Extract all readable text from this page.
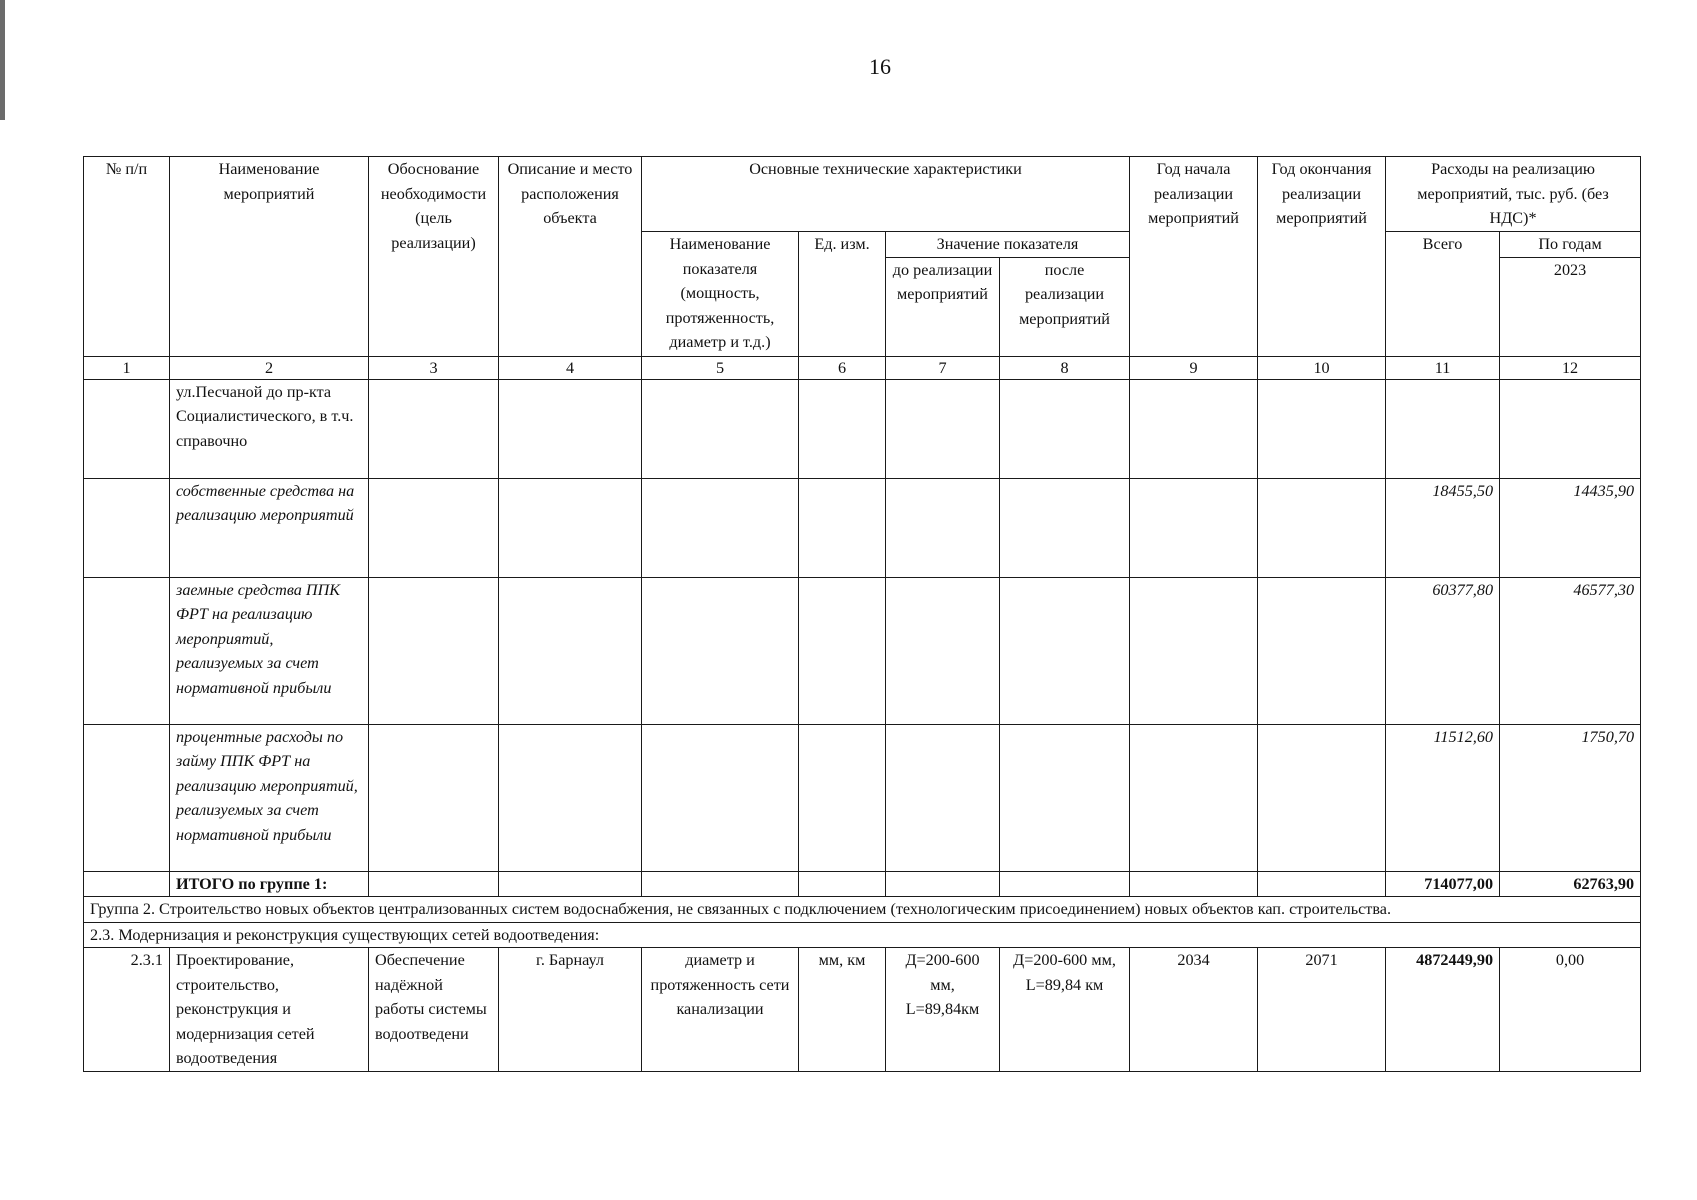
16
№ п/п	Наименование мероприятий	Обоснование необходимости (цель реализации)	Описание и место расположения объекта	Основные технические характеристики				Год начала реализации мероприятий	Год окончания реализации мероприятий	Расходы на реализацию мероприятий, тыс. руб. (без НДС)*	
				Наименование показателя (мощность, протяженность, диаметр и т.д.)	Ед. изм.	Значение показателя				Всего	По годам
						до реализации мероприятий	после реализации мероприятий				2023
1	2	3	4	5	6	7	8	9	10	11	12
	ул.Песчаной до пр-кта Социалистического, в т.ч. справочно										
	собственные средства на реализацию мероприятий									18455,50	14435,90
	заемные средства ППК ФРТ на реализацию мероприятий, реализуемых за счет нормативной прибыли									60377,80	46577,30
	процентные расходы по займу ППК ФРТ на реализацию мероприятий, реализуемых за счет нормативной прибыли									11512,60	1750,70
	ИТОГО по группе 1:									714077,00	62763,90
Группа 2. Строительство новых объектов централизованных систем водоснабжения, не связанных с подключением (технологическим присоединением) новых объектов кап. строительства.											
2.3. Модернизация и реконструкция существующих сетей водоотведения:											
2.3.1	Проектирование, строительство, реконструкция и модернизация сетей водоотведения	Обеспечение надёжной работы системы водоотведени	г. Барнаул	диаметр и протяженность сети канализации	мм, км	Д=200-600 мм, L=89,84км	Д=200-600 мм, L=89,84 км	2034	2071	4872449,90	0,00
